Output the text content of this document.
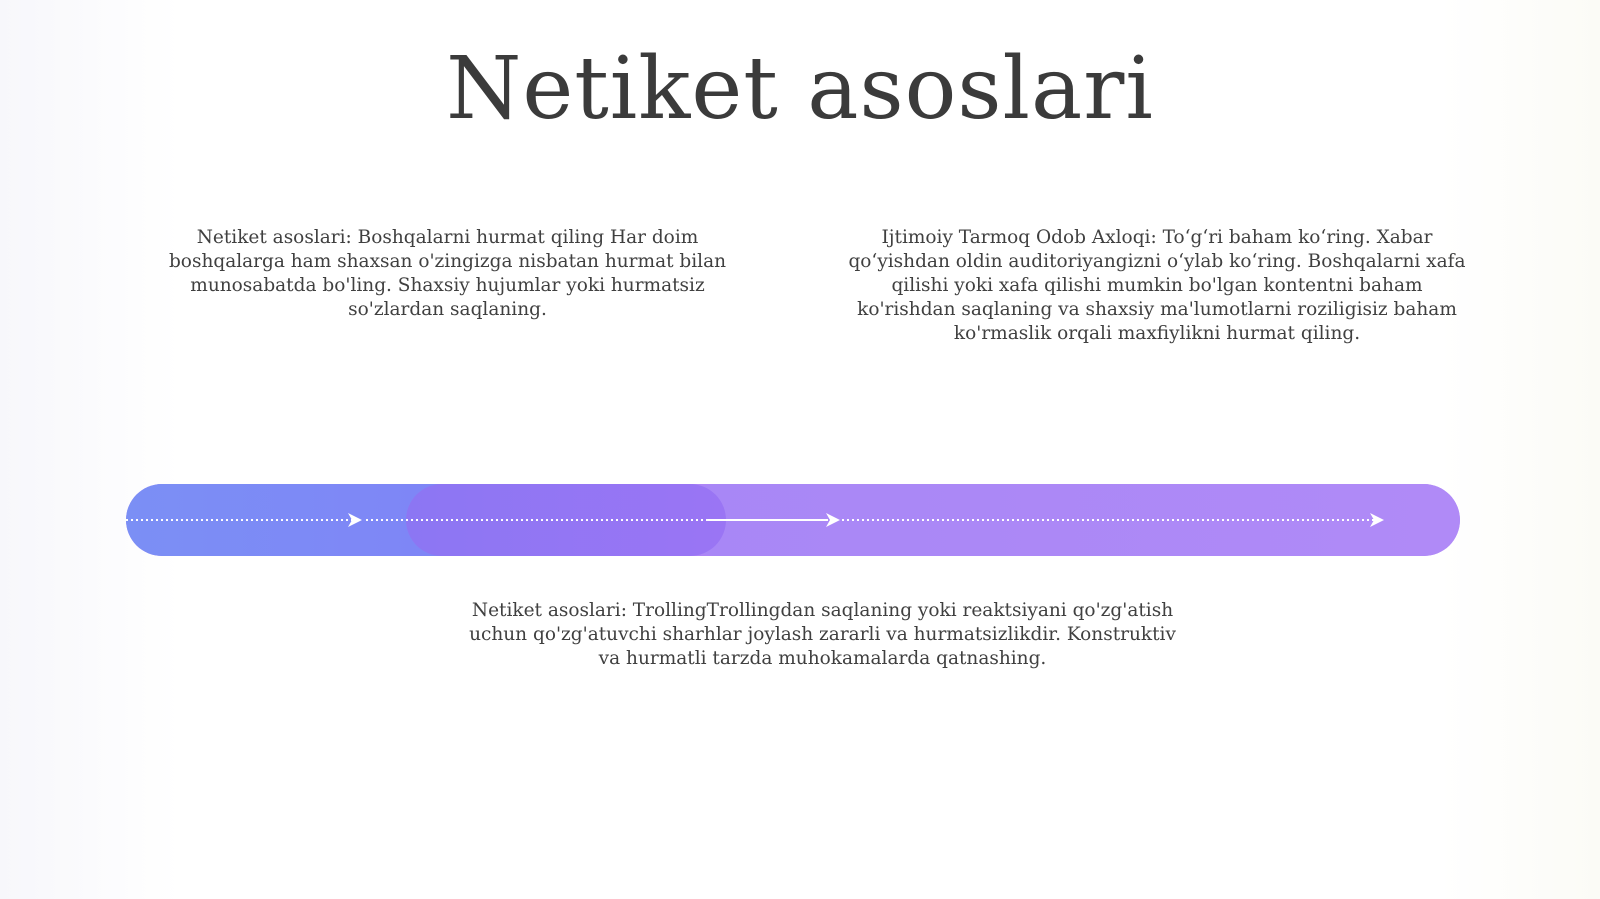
Netiket asoslari
Netiket asoslari: Boshqalarni hurmat qiling Har doim boshqalarga ham shaxsan o'zingizga nisbatan hurmat bilan munosabatda bo'ling. Shaxsiy hujumlar yoki hurmatsiz so'zlardan saqlaning.
Ijtimoiy Tarmoq Odob Axloqi: To‘g‘ri baham ko‘ring. Xabar qo‘yishdan oldin auditoriyangizni o‘ylab ko‘ring. Boshqalarni xafa qilishi yoki xafa qilishi mumkin bo'lgan kontentni baham ko'rishdan saqlaning va shaxsiy ma'lumotlarni roziligisiz baham ko'rmaslik orqali maxfiylikni hurmat qiling.
Netiket asoslari: TrollingTrollingdan saqlaning yoki reaktsiyani qo'zg'atish uchun qo'zg'atuvchi sharhlar joylash zararli va hurmatsizlikdir. Konstruktiv va hurmatli tarzda muhokamalarda qatnashing.
